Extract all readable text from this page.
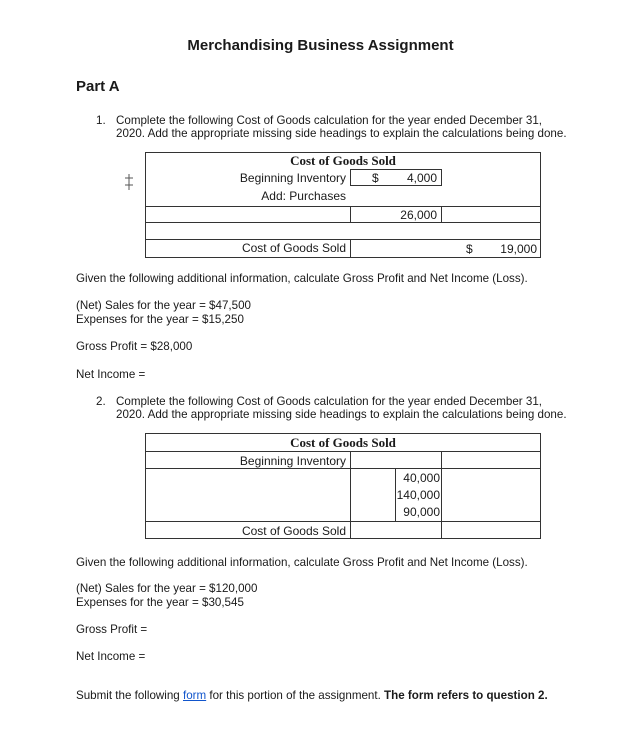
Merchandising Business Assignment
Part A
1. Complete the following Cost of Goods calculation for the year ended December 31,
2020. Add the appropriate missing side headings to explain the calculations being done.
Cost of Goods Sold
Beginning Inventory $ 4,000
Add: Purchases
26,000
Cost of Goods Sold	$ 19,000
Given the following additional information, calculate Gross Profit and Net Income (Loss).
(Net) Sales for the year = $47,500
Expenses for the year = $15,250
Gross Profit = $28,000
Net Income =
2. Complete the following Cost of Goods calculation for the year ended December 31,
2020. Add the appropriate missing side headings to explain the calculations being done.
Cost of Goods Sold
Beginning Inventory
40,000
140,000
90,000
Cost of Goods Sold
Given the following additional information, calculate Gross Profit and Net Income (Loss).
(Net) Sales for the year = $120,000
Expenses for the year = $30,545
Gross Profit =
Net Income =
Submit the following form for this portion of the assignment. The form refers to question 2.
